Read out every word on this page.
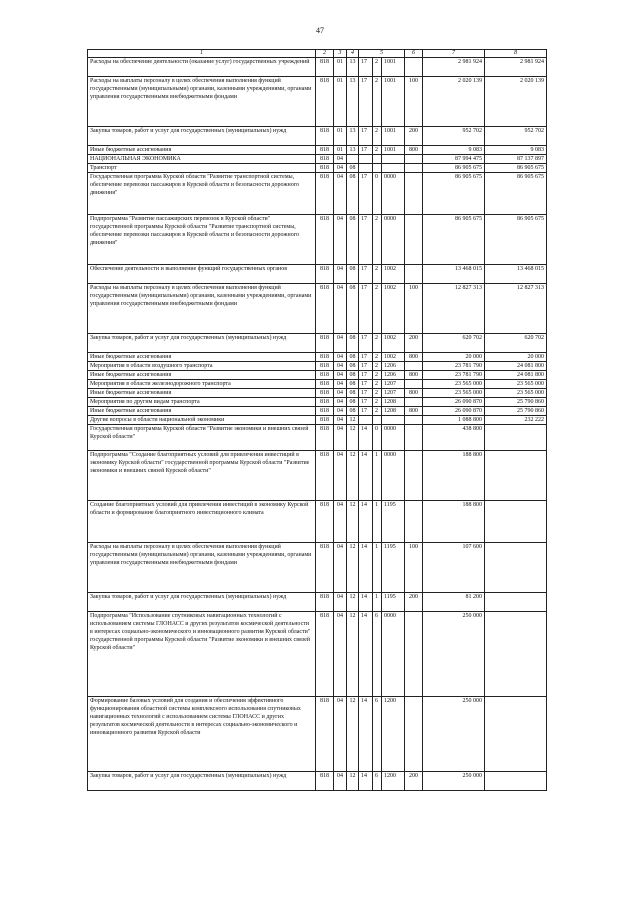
47
1	2	3	4	5			6	7	8
Расходы на обеспечение деятельности (оказание услуг) государственных учреждений	818	01	13	17	2	1001		2 981 924	2 981 924
Расходы на выплаты персоналу в целях обеспечения выполнения функций государственными (муниципальными) органами, казенными учреждениями, органами управления государственными внебюджетными фондами	818	01	13	17	2	1001	100	2 020 139	2 020 139
Закупка товаров, работ и услуг для государственных (муниципальных) нужд	818	01	13	17	2	1001	200	952 702	952 702
Иные бюджетные ассигнования	818	01	13	17	2	1001	800	9 083	9 083
НАЦИОНАЛЬНАЯ ЭКОНОМИКА	818	04						87 994 475	87 137 897
Транспорт	818	04	08					86 905 675	86 905 675
Государственная программа Курской области "Развитие транспортной системы, обеспечение перевозки пассажиров в Курской области и безопасности дорожного движения"	818	04	08	17	0	0000		86 905 675	86 905 675
Подпрограмма "Развитие пассажирских перевозок в Курской области" государственной программы Курской области "Развитие транспортной системы, обеспечение перевозки пассажиров в Курской области и безопасности дорожного движения"	818	04	08	17	2	0000		86 905 675	86 905 675
Обеспечение деятельности и выполнение функций государственных органов	818	04	08	17	2	1002		13 468 015	13 468 015
Расходы на выплаты персоналу в целях обеспечения выполнения функций государственными (муниципальными) органами, казенными учреждениями, органами управления государственными внебюджетными фондами	818	04	08	17	2	1002	100	12 827 313	12 827 313
Закупка товаров, работ и услуг для государственных (муниципальных) нужд	818	04	08	17	2	1002	200	620 702	620 702
Иные бюджетные ассигнования	818	04	08	17	2	1002	800	20 000	20 000
Мероприятия в области воздушного транспорта	818	04	08	17	2	1206		23 781 790	24 081 800
Иные бюджетные ассигнования	818	04	08	17	2	1206	800	23 781 790	24 081 800
Мероприятия в области железнодорожного транспорта	818	04	08	17	2	1207		23 565 000	23 565 000
Иные бюджетные ассигнования	818	04	08	17	2	1207	800	23 565 000	23 565 000
Мероприятия по другим видам транспорта	818	04	08	17	2	1208		26 090 870	25 790 860
Иные бюджетные ассигнования	818	04	08	17	2	1208	800	26 090 870	25 790 860
Другие вопросы в области национальной экономики	818	04	12					1 088 800	232 222
Государственная программа Курской области "Развитие экономики и внешних связей Курской области"	818	04	12	14	0	0000		438 800	
Подпрограмма "Создание благоприятных условий для привлечения инвестиций в экономику Курской области" государственной программы Курской области "Развитие экономики и внешних связей Курской области"	818	04	12	14	1	0000		188 800	
Создание благоприятных условий для привлечения инвестиций в экономику Курской области и формирование благоприятного инвестиционного климата	818	04	12	14	1	1195		188 800	
Расходы на выплаты персоналу в целях обеспечения выполнения функций государственными (муниципальными) органами, казенными учреждениями, органами управления государственными внебюджетными фондами	818	04	12	14	1	1195	100	107 600	
Закупка товаров, работ и услуг для государственных (муниципальных) нужд	818	04	12	14	1	1195	200	81 200	
Подпрограмма "Использование спутниковых навигационных технологий с использованием системы ГЛОНАСС и других результатов космической деятельности в интересах социально-экономического и инновационного развития Курской области" государственной программы Курской области "Развитие экономики и внешних связей Курской области"	818	04	12	14	6	0000		250 000	
Формирование базовых условий для создания и обеспечения эффективного функционирования областной системы комплексного использования спутниковых навигационных технологий с использованием системы ГЛОНАСС и других результатов космической деятельности в интересах социально-экономического и инновационного развития Курской области	818	04	12	14	6	1200		250 000	
Закупка товаров, работ и услуг для государственных (муниципальных) нужд	818	04	12	14	6	1200	200	250 000	
